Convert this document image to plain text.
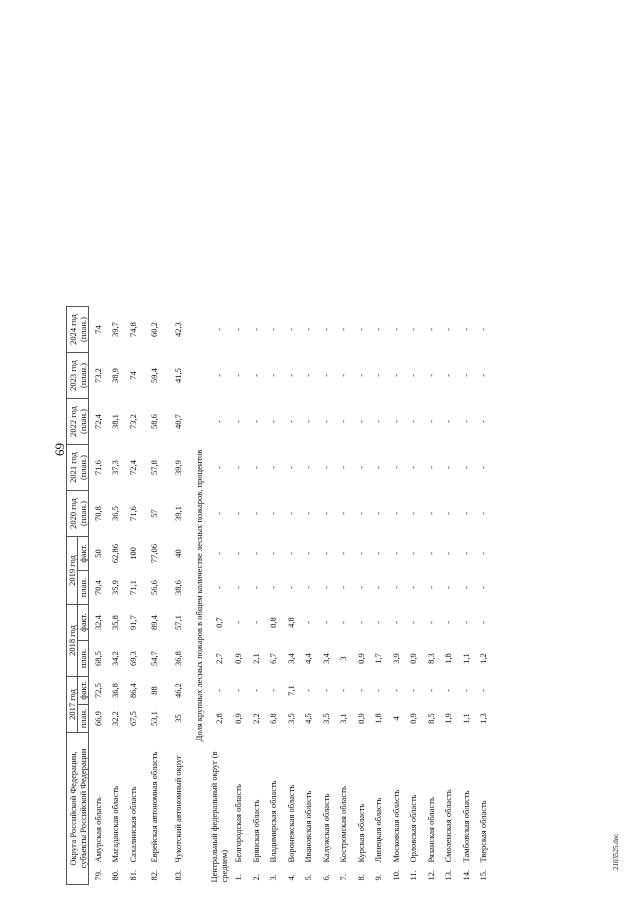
69
2103525.doc
Округа Российской Федерации, субъекты Российской Федерации		2017 год		2018 год		2019 год		2020 год (план.)	2021 год (план.)	2022 год (план.)	2023 год (план.)	2024 год (план.)
		план.	факт.	план.	факт.	план.	факт.					
79.	Амурская область	66,9	72,5	68,5	32,4	70,4	50	70,8	71,6	72,4	73,2	74
80.	Магаданская область	32,2	36,8	34,2	35,8	35,9	62,86	36,5	37,3	38,1	38,9	39,7
81.	Сахалинская область	67,5	86,4	69,3	91,7	71,1	100	71,6	72,4	73,2	74	74,8
82.	Еврейская автономная область	53,1	88	54,7	89,4	56,6	77,06	57	57,8	58,6	59,4	60,2
83.	Чукотский автономный округ	35	46,2	36,8	57,1	38,6	40	39,1	39,9	40,7	41,5	42,3
Доля крупных лесных пожаров в общем количестве лесных пожаров, процентов												
Центральный федеральный округ (в среднем)		2,8	-	2,7	0,7	-	-	-	-	-	-	-
1.	Белгородская область	0,9	-	0,9	-	-	-	-	-	-	-	-
2.	Брянская область	2,2	-	2,1	-	-	-	-	-	-	-	-
3.	Владимирская область	6,8	-	6,7	0,8	-	-	-	-	-	-	-
4.	Воронежская область	3,5	7,1	3,4	4,8	-	-	-	-	-	-	-
5.	Ивановская область	4,5	-	4,4	-	-	-	-	-	-	-	-
6.	Калужская область	3,5	-	3,4	-	-	-	-	-	-	-	-
7.	Костромская область	3,1	-	3	-	-	-	-	-	-	-	-
8.	Курская область	0,9	-	0,9	-	-	-	-	-	-	-	-
9.	Липецкая область	1,8	-	1,7	-	-	-	-	-	-	-	-
10.	Московская область	4	-	3,9	-	-	-	-	-	-	-	-
11.	Орловская область	0,9	-	0,9	-	-	-	-	-	-	-	-
12.	Рязанская область	8,5	-	8,3	-	-	-	-	-	-	-	-
13.	Смоленская область	1,9	-	1,8	-	-	-	-	-	-	-	-
14.	Тамбовская область	1,1	-	1,1	-	-	-	-	-	-	-	-
15.	Тверская область	1,3	-	1,2	-	-	-	-	-	-	-	-
